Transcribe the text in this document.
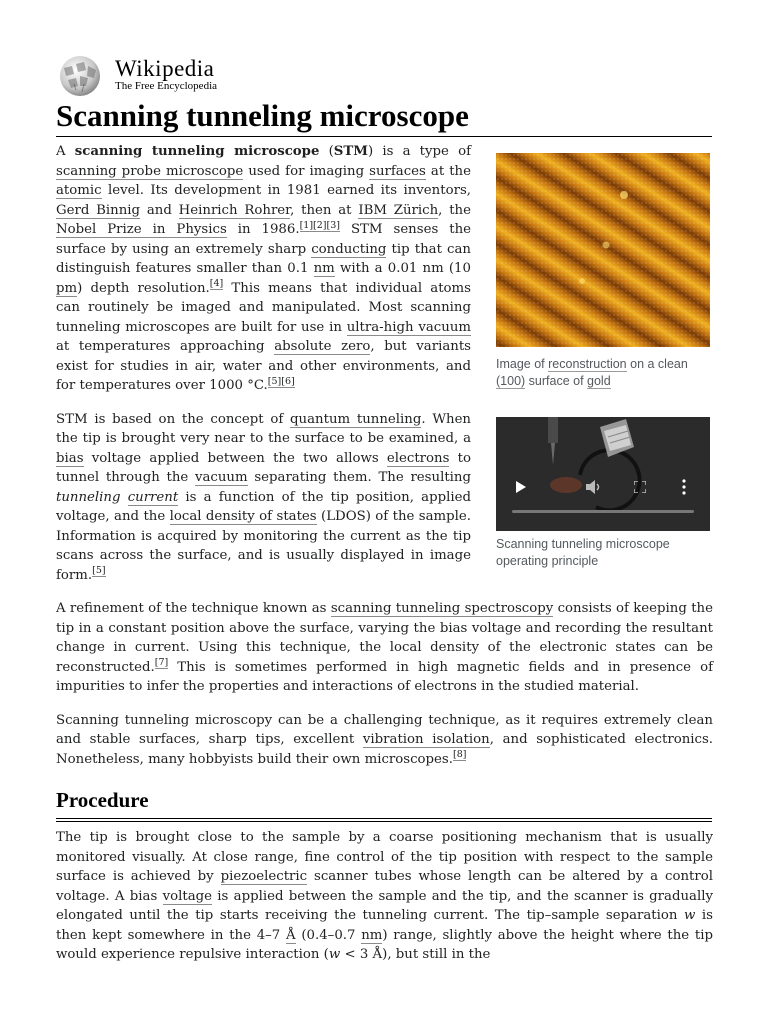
Wikipedia
The Free Encyclopedia
Scanning tunneling microscope

A scanning tunneling microscope (STM) is a type of scanning probe microscope used for imaging surfaces at the atomic level. Its development in 1981 earned its inventors, Gerd Binnig and Heinrich Rohrer, then at IBM Zürich, the Nobel Prize in Physics in 1986.[1][2][3] STM senses the surface by using an extremely sharp conducting tip that can distinguish features smaller than 0.1 nm with a 0.01 nm (10 pm) depth resolution.[4] This means that individual atoms can routinely be imaged and manipulated. Most scanning tunneling microscopes are built for use in ultra-high vacuum at temperatures approaching absolute zero, but variants exist for studies in air, water and other environments, and for temperatures over 1000 °C.[5][6]

STM is based on the concept of quantum tunneling. When the tip is brought very near to the surface to be examined, a bias voltage applied between the two allows electrons to tunnel through the vacuum separating them. The resulting tunneling current is a function of the tip position, applied voltage, and the local density of states (LDOS) of the sample. Information is acquired by monitoring the current as the tip scans across the surface, and is usually displayed in image form.[5]

A refinement of the technique known as scanning tunneling spectroscopy consists of keeping the tip in a constant position above the surface, varying the bias voltage and recording the resultant change in current. Using this technique, the local density of the electronic states can be reconstructed.[7] This is sometimes performed in high magnetic fields and in presence of impurities to infer the properties and interactions of electrons in the studied material.

Scanning tunneling microscopy can be a challenging technique, as it requires extremely clean and stable surfaces, sharp tips, excellent vibration isolation, and sophisticated electronics. Nonetheless, many hobbyists build their own microscopes.[8]

Image of reconstruction on a clean (100) surface of gold
Scanning tunneling microscope operating principle
Procedure

The tip is brought close to the sample by a coarse positioning mechanism that is usually monitored visually. At close range, fine control of the tip position with respect to the sample surface is achieved by piezoelectric scanner tubes whose length can be altered by a control voltage. A bias voltage is applied between the sample and the tip, and the scanner is gradually elongated until the tip starts receiving the tunneling current. The tip–sample separation w is then kept somewhere in the 4–7 Å (0.4–0.7 nm) range, slightly above the height where the tip would experience repulsive interaction (w < 3 Å), but still in the
